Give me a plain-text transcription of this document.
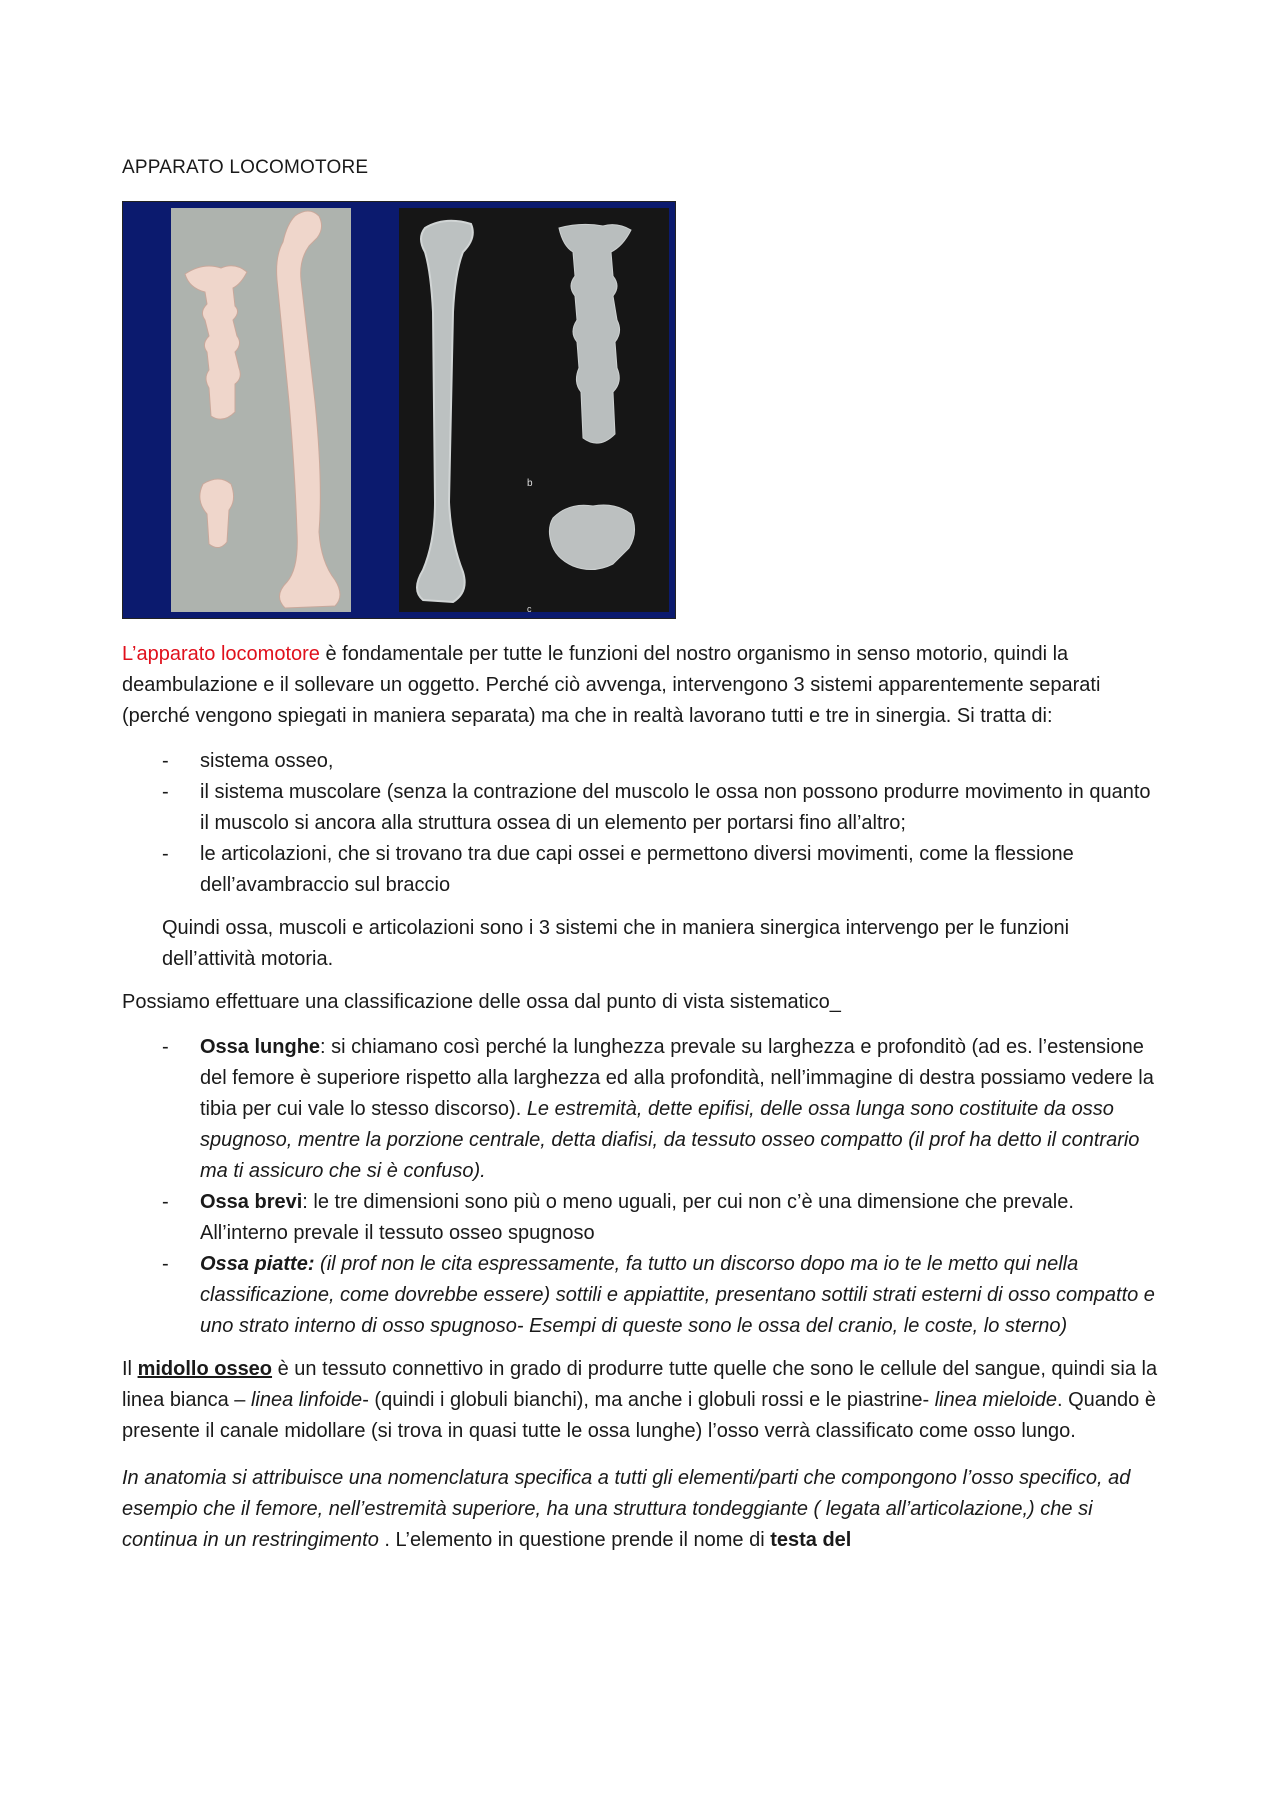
APPARATO LOCOMOTORE
b
c

L’apparato locomotore è fondamentale per tutte le funzioni del nostro organismo in senso motorio, quindi la deambulazione e il sollevare un oggetto. Perché ciò avvenga, intervengono 3 sistemi apparentemente separati (perché vengono spiegati in maniera separata) ma che in realtà lavorano tutti e tre in sinergia. Si tratta di:

- sistema osseo,
- il sistema muscolare (senza la contrazione del muscolo le ossa non possono produrre movimento in quanto il muscolo si ancora alla struttura ossea di un elemento per portarsi fino all’altro;
- le articolazioni, che si trovano tra due capi ossei e permettono diversi movimenti, come la flessione dell’avambraccio sul braccio

Quindi ossa, muscoli e articolazioni sono i 3 sistemi che in maniera sinergica intervengo per le funzioni dell’attività motoria.

Possiamo effettuare una classificazione delle ossa dal punto di vista sistematico_

- Ossa lunghe: si chiamano così perché la lunghezza prevale su larghezza e profonditò (ad es. l’estensione del femore è superiore rispetto alla larghezza ed alla profondità, nell’immagine di destra possiamo vedere la tibia per cui vale lo stesso discorso). Le estremità, dette epifisi, delle ossa lunga sono costituite da osso spugnoso, mentre la porzione centrale, detta diafisi, da tessuto osseo compatto (il prof ha detto il contrario ma ti assicuro che si è confuso).
- Ossa brevi: le tre dimensioni sono più o meno uguali, per cui non c’è una dimensione che prevale. All’interno prevale il tessuto osseo spugnoso
- Ossa piatte: (il prof non le cita espressamente, fa tutto un discorso dopo ma io te le metto qui nella classificazione, come dovrebbe essere) sottili e appiattite, presentano sottili strati esterni di osso compatto e uno strato interno di osso spugnoso- Esempi di queste sono le ossa del cranio, le coste, lo sterno)

Il midollo osseo è un tessuto connettivo in grado di produrre tutte quelle che sono le cellule del sangue, quindi sia la linea bianca – linea linfoide- (quindi i globuli bianchi), ma anche i globuli rossi e le piastrine- linea mieloide. Quando è presente il canale midollare (si trova in quasi tutte le ossa lunghe) l’osso verrà classificato come osso lungo.

In anatomia si attribuisce una nomenclatura specifica a tutti gli elementi/parti che compongono l’osso specifico, ad esempio che il femore, nell’estremità superiore, ha una struttura tondeggiante ( legata all’articolazione,) che si continua in un restringimento . L’elemento in questione prende il nome di testa del
